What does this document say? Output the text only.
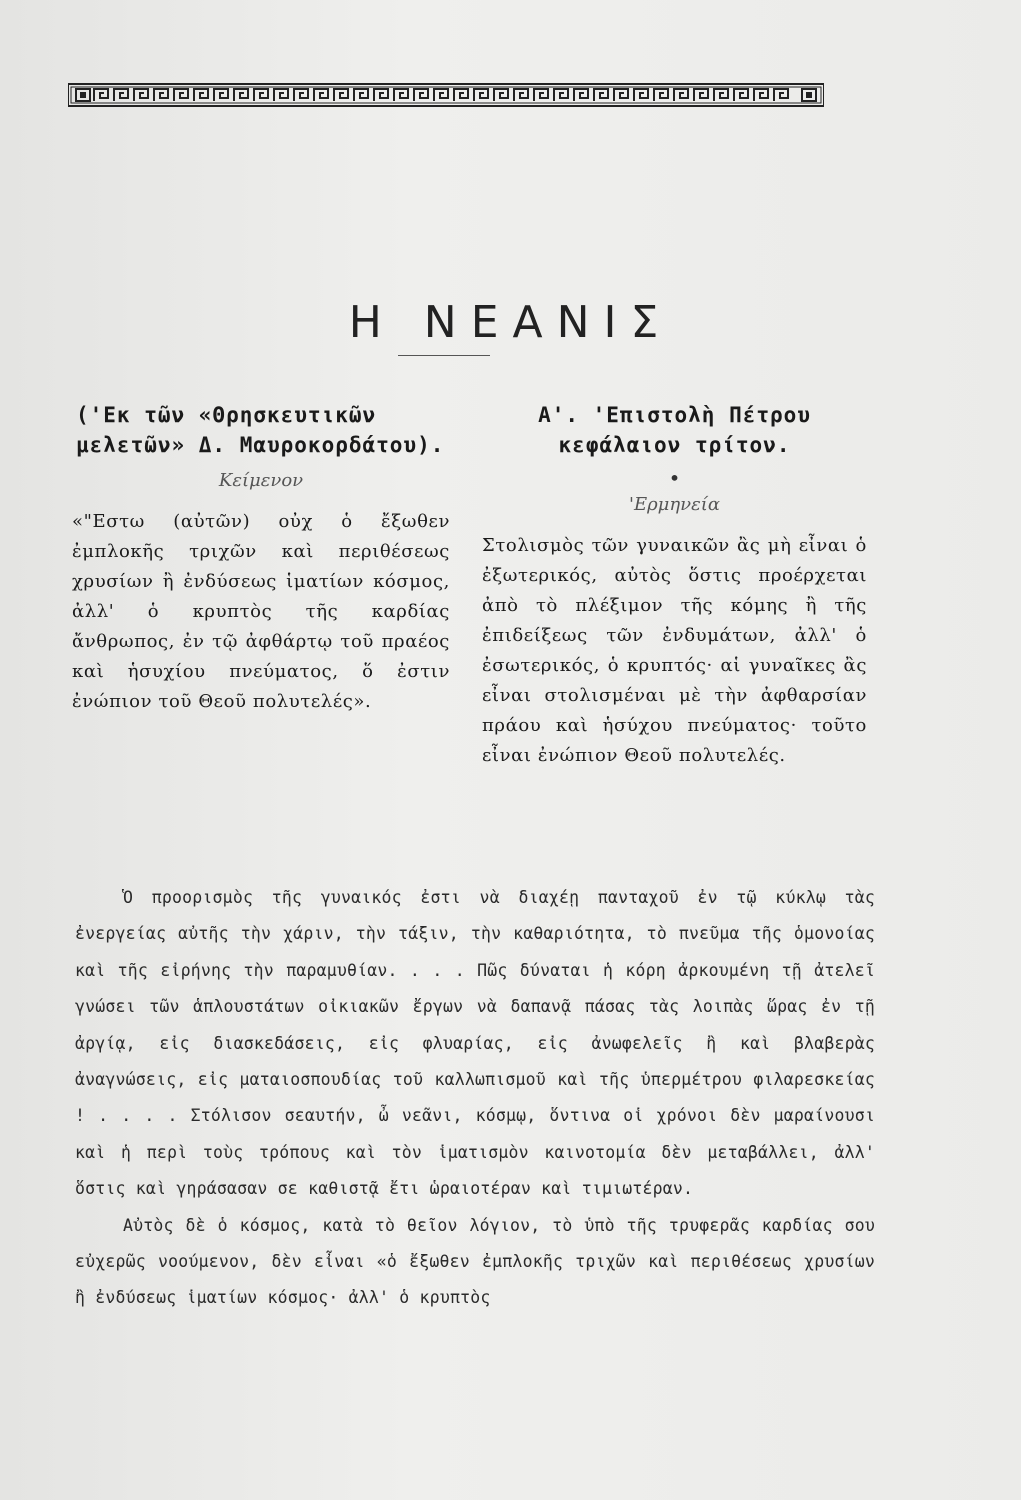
Η ΝΕΑΝΙΣ

('Εκ τῶν «Θρησκευτικῶν μελετῶν» Δ. Μαυροκορδάτου).

Κείμενον

«"Εστω (αὐτῶν) οὐχ ὁ ἔξωθεν ἐμπλοκῆς τριχῶν καὶ περιθέσεως χρυσίων ἢ ἐνδύσεως ἱματίων κόσμος, ἀλλ' ὁ κρυπτὸς τῆς καρδίας ἄνθρωπος, ἐν τῷ ἀφθάρτῳ τοῦ πραέος καὶ ἡσυχίου πνεύματος, ὅ ἐστιν ἐνώπιον τοῦ Θεοῦ πολυτελές».

Α'. 'Επιστολὴ Πέτρου κεφάλαιον τρίτον.

•

'Ερμηνεία

Στολισμὸς τῶν γυναικῶν ἂς μὴ εἶναι ὁ ἐξωτερικός, αὐτὸς ὅστις προέρχεται ἀπὸ τὸ πλέξιμον τῆς κόμης ἢ τῆς ἐπιδείξεως τῶν ἐνδυμάτων, ἀλλ' ὁ ἐσωτερικός, ὁ κρυπτός· αἱ γυναῖκες ἂς εἶναι στολισμέναι μὲ τὴν ἀφθαρσίαν πράου καὶ ἡσύχου πνεύματος· τοῦτο εἶναι ἐνώπιον Θεοῦ πολυτελές.

Ὁ προορισμὸς τῆς γυναικός ἐστι νὰ διαχέῃ πανταχοῦ ἐν τῷ κύκλῳ τὰς ἐνεργείας αὐτῆς τὴν χάριν, τὴν τάξιν, τὴν καθαριότητα, τὸ πνεῦμα τῆς ὁμονοίας καὶ τῆς εἰρήνης τὴν παραμυθίαν. . . . Πῶς δύναται ἡ κόρη ἀρκουμένη τῇ ἀτελεῖ γνώσει τῶν ἁπλουστάτων οἰκιακῶν ἔργων νὰ δαπανᾷ πάσας τὰς λοιπὰς ὥρας ἐν τῇ ἀργίᾳ, εἰς διασκεδάσεις, εἰς φλυαρίας, εἰς ἀνωφελεῖς ἢ καὶ βλαβερὰς ἀναγνώσεις, εἰς ματαιοσπουδίας τοῦ καλλωπισμοῦ καὶ τῆς ὑπερμέτρου φιλαρεσκείας ! . . . . Στόλισον σεαυτήν, ὦ νεᾶνι, κόσμῳ, ὅντινα οἱ χρόνοι δὲν μαραίνουσι καὶ ἡ περὶ τοὺς τρόπους καὶ τὸν ἱματισμὸν καινοτομία δὲν μεταβάλλει, ἀλλ' ὅστις καὶ γηράσασαν σε καθιστᾷ ἔτι ὡραιοτέραν καὶ τιμιωτέραν.

Αὐτὸς δὲ ὁ κόσμος, κατὰ τὸ θεῖον λόγιον, τὸ ὑπὸ τῆς τρυφερᾶς καρδίας σου εὐχερῶς νοούμενον, δὲν εἶναι «ὁ ἔξωθεν ἐμπλοκῆς τριχῶν καὶ περιθέσεως χρυσίων ἢ ἐνδύσεως ἱματίων κόσμος· ἀλλ' ὁ κρυπτὸς
